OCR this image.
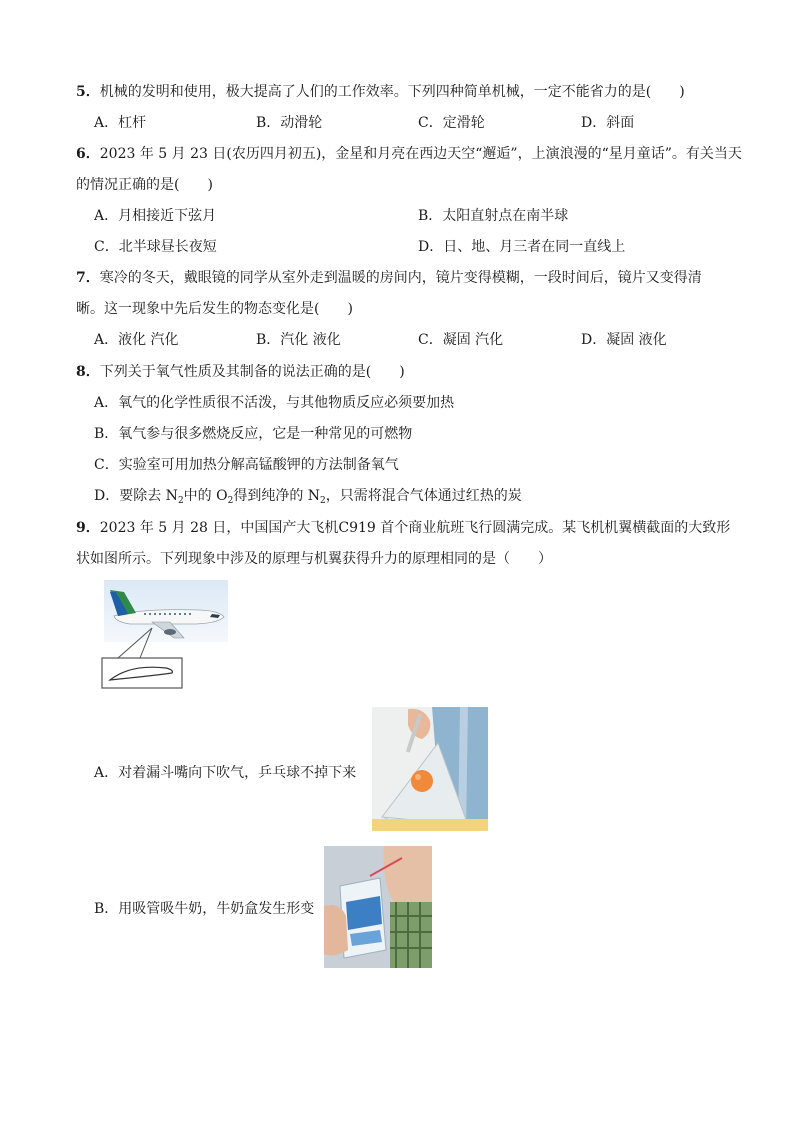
5．机械的发明和使用，极大提高了人们的工作效率。下列四种简单机械，一定不能省力的是(　　)
A．杠杆	B．动滑轮	C．定滑轮	D．斜面
6．2023 年 5 月 23 日(农历四月初五)，金星和月亮在西边天空“邂逅”，上演浪漫的“星月童话”。有关当天
的情况正确的是(　　)
A．月相接近下弦月	B．太阳直射点在南半球
C．北半球昼长夜短	D．日、地、月三者在同一直线上
7．寒冷的冬天，戴眼镜的同学从室外走到温暖的房间内，镜片变得模糊，一段时间后，镜片又变得清
晰。这一现象中先后发生的物态变化是(　　)
A．液化 汽化	B．汽化 液化	C．凝固 汽化	D．凝固 液化
8．下列关于氧气性质及其制备的说法正确的是(　　)
A．氧气的化学性质很不活泼，与其他物质反应必须要加热
B．氧气参与很多燃烧反应，它是一种常见的可燃物
C．实验室可用加热分解高锰酸钾的方法制备氧气
D．要除去 $N_2$中的 $O_2$得到纯净的 $N_2$，只需将混合气体通过红热的炭
9．2023 年 5 月 28 日，中国国产大飞机C919 首个商业航班飞行圆满完成。某飞机机翼横截面的大致形
状如图所示。下列现象中涉及的原理与机翼获得升力的原理相同的是（　　）
A．对着漏斗嘴向下吹气，乒乓球不掉下来
B．用吸管吸牛奶，牛奶盒发生形变
